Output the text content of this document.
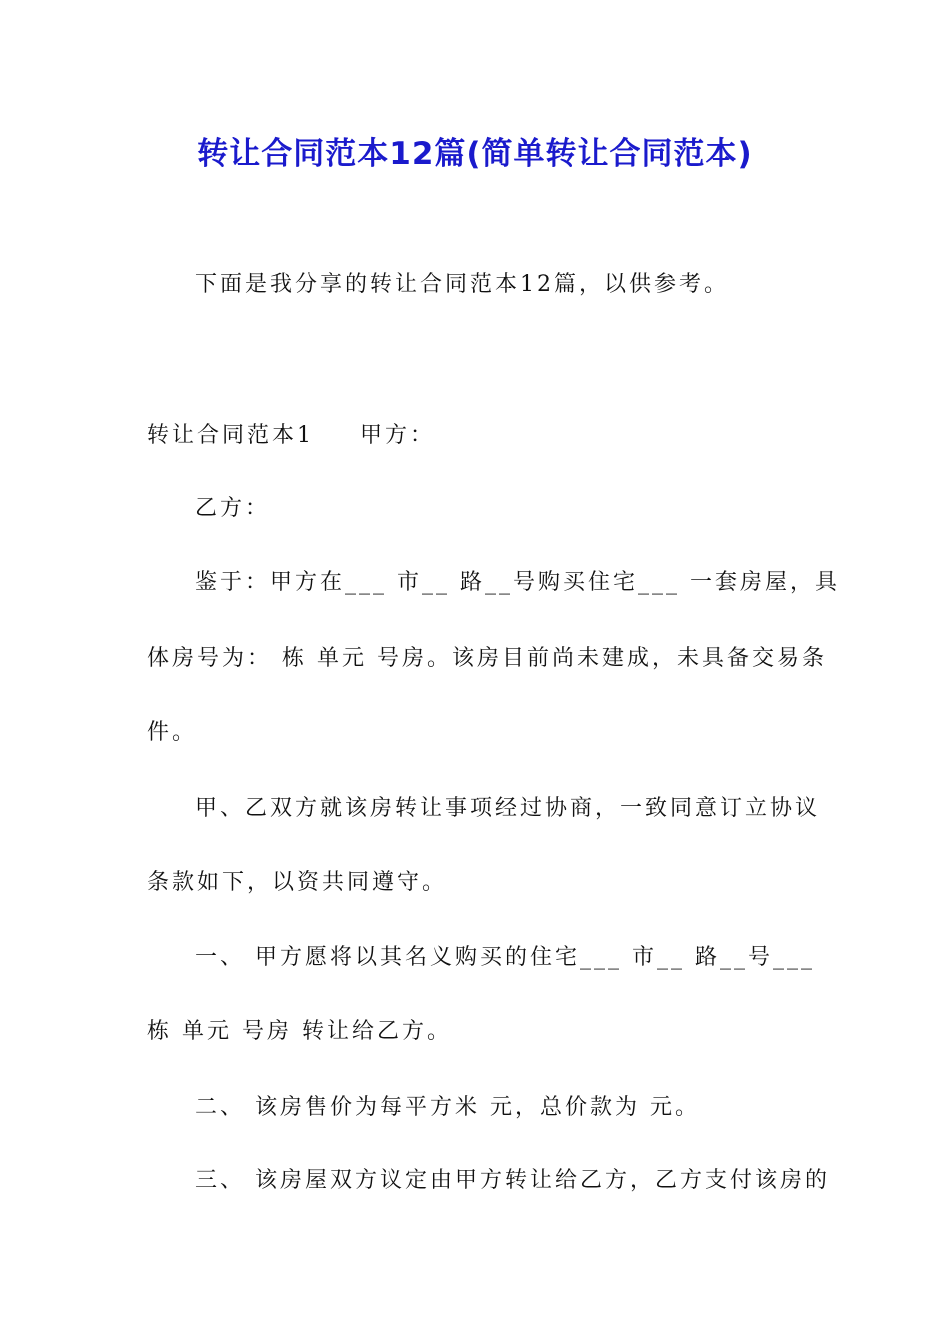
转让合同范本12篇(简单转让合同范本)
下面是我分享的转让合同范本12篇，以供参考。
转让合同范本1 甲方：
乙方：
鉴于：甲方在___ 市__ 路__号购买住宅___ 一套房屋，具
体房号为： 栋 单元 号房。该房目前尚未建成，未具备交易条
件。
甲、乙双方就该房转让事项经过协商，一致同意订立协议
条款如下，以资共同遵守。
一、 甲方愿将以其名义购买的住宅___ 市__ 路__号___
栋 单元 号房 转让给乙方。
二、 该房售价为每平方米 元，总价款为 元。
三、 该房屋双方议定由甲方转让给乙方，乙方支付该房的
